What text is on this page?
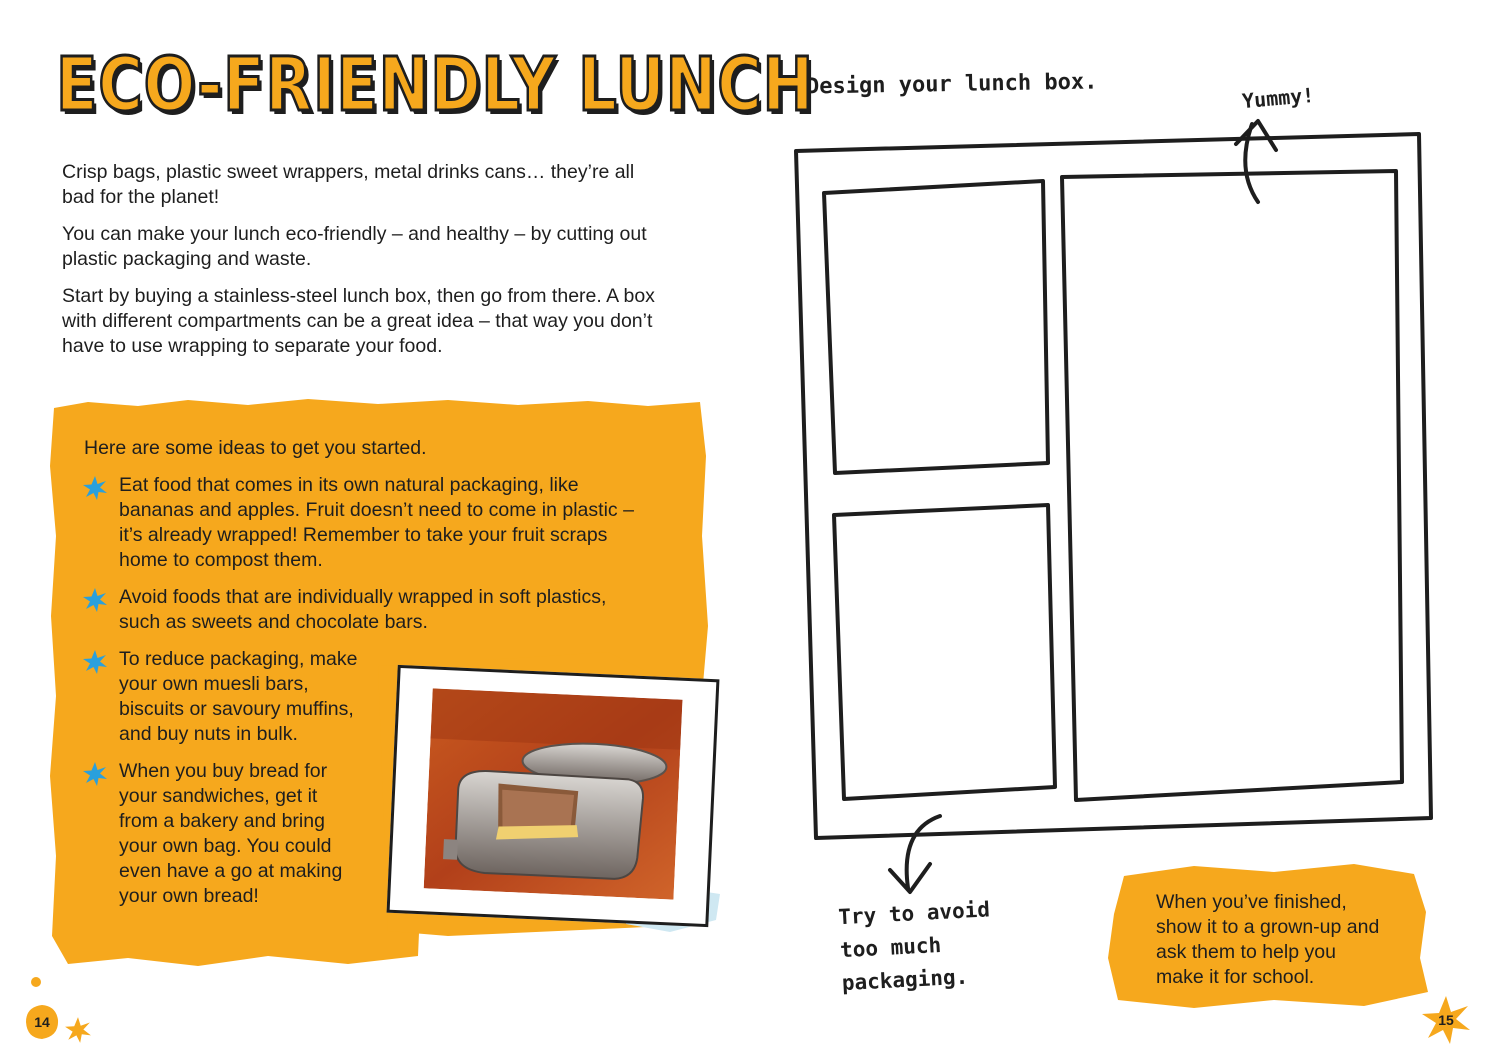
ECO-FRIENDLY LUNCH

Crisp bags, plastic sweet wrappers, metal drinks cans… they’re all bad for the planet!

You can make your lunch eco-friendly – and healthy – by cutting out plastic packaging and waste.

Start by buying a stainless-steel lunch box, then go from there. A box with different compartments can be a great idea – that way you don’t have to use wrapping to separate your food.

Here are some ideas to get you started.

Eat food that comes in its own natural packaging, like bananas and apples. Fruit doesn’t need to come in plastic – it’s already wrapped! Remember to take your fruit scraps home to compost them.
Avoid foods that are individually wrapped in soft plastics, such as sweets and chocolate bars.
To reduce packaging, make your own muesli bars, biscuits or savoury muffins, and buy nuts in bulk.
When you buy bread for your sandwiches, get it from a bakery and bring your own bag. You could even have a go at making your own bread!
14
Design your lunch box.	Yummy!
Try to avoid
too much
packaging.
When you’ve finished, show it to a grown-up and ask them to help you make it for school.
15
